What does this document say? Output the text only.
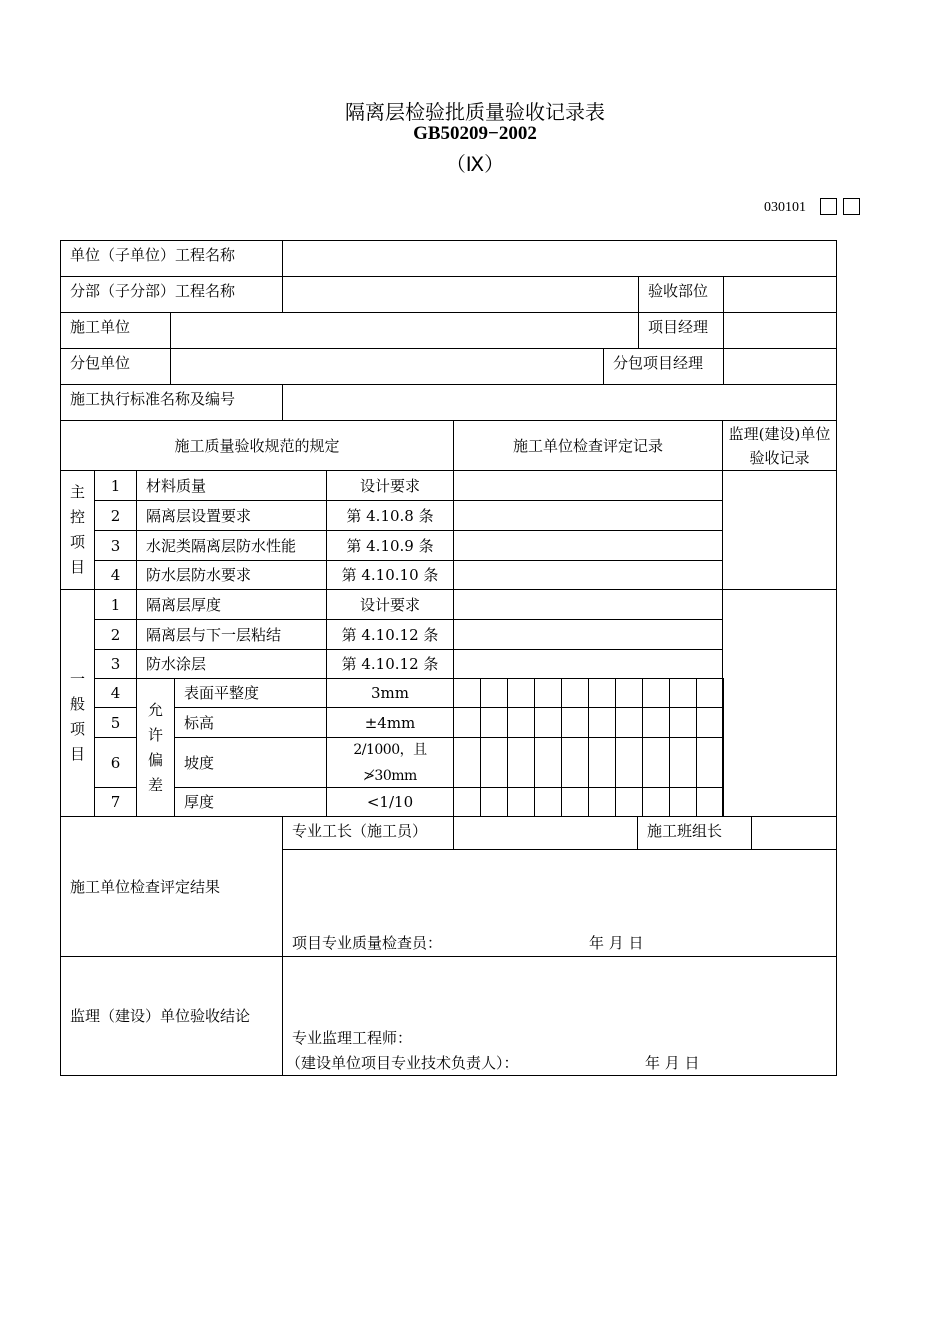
隔离层检验批质量验收记录表
GB50209−2002
（Ⅸ）
030101
单位（子单位）工程名称
分部（子分部）工程名称	验收部位
施工单位	项目经理
分包单位	分包项目经理
施工执行标准名称及编号
施工质量验收规范的规定	施工单位检查评定记录
监理(建设)单位验收记录
主控项目
1	材料质量	设计要求
2	隔离层设置要求	第 4.10.8 条
3	水泥类隔离层防水性能	第 4.10.9 条
4	防水层防水要求	第 4.10.10 条
一般项目
1	隔离层厚度	设计要求
2	隔离层与下一层粘结	第 4.10.12 条
3	防水涂层	第 4.10.12 条
允许偏差
4	表面平整度	3mm
5	标高	±4mm
6	坡度
2/1000，且
≯30mm
7	厚度	<1/10
施工单位检查评定结果
专业工长（施工员）	施工班组长
项目专业质量检查员：	年 月 日
监理（建设）单位验收结论
专业监理工程师：
（建设单位项目专业技术负责人）：	年 月 日
